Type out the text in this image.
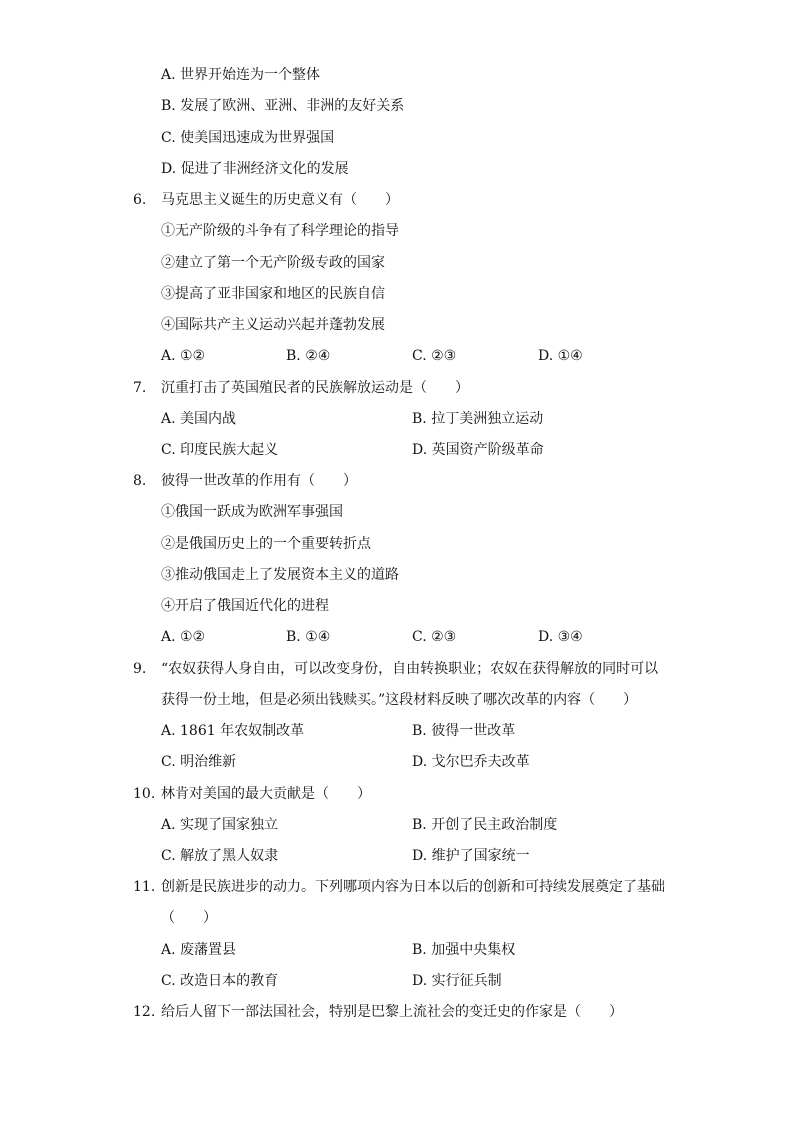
A. 世界开始连为一个整体
B. 发展了欧洲、亚洲、非洲的友好关系
C. 使美国迅速成为世界强国
D. 促进了非洲经济文化的发展
6. 马克思主义诞生的历史意义有（　　）
①无产阶级的斗争有了科学理论的指导
②建立了第一个无产阶级专政的国家
③提高了亚非国家和地区的民族自信
④国际共产主义运动兴起并蓬勃发展
A. ①②	B. ②④	C. ②③	D. ①④
7. 沉重打击了英国殖民者的民族解放运动是（　　）
A. 美国内战	B. 拉丁美洲独立运动
C. 印度民族大起义	D. 英国资产阶级革命
8. 彼得一世改革的作用有（　　）
①俄国一跃成为欧洲军事强国
②是俄国历史上的一个重要转折点
③推动俄国走上了发展资本主义的道路
④开启了俄国近代化的进程
A. ①②	B. ①④	C. ②③	D. ③④
9. “农奴获得人身自由，可以改变身份，自由转换职业；农奴在获得解放的同时可以
获得一份土地，但是必须出钱赎买。”这段材料反映了哪次改革的内容（　　）
A. 1861 年农奴制改革	B. 彼得一世改革
C. 明治维新	D. 戈尔巴乔夫改革
10. 林肯对美国的最大贡献是（　　）
A. 实现了国家独立	B. 开创了民主政治制度
C. 解放了黑人奴隶	D. 维护了国家统一
11. 创新是民族进步的动力。下列哪项内容为日本以后的创新和可持续发展奠定了基础
（　　）
A. 废藩置县	B. 加强中央集权
C. 改造日本的教育	D. 实行征兵制
12. 给后人留下一部法国社会，特别是巴黎上流社会的变迁史的作家是（　　）
